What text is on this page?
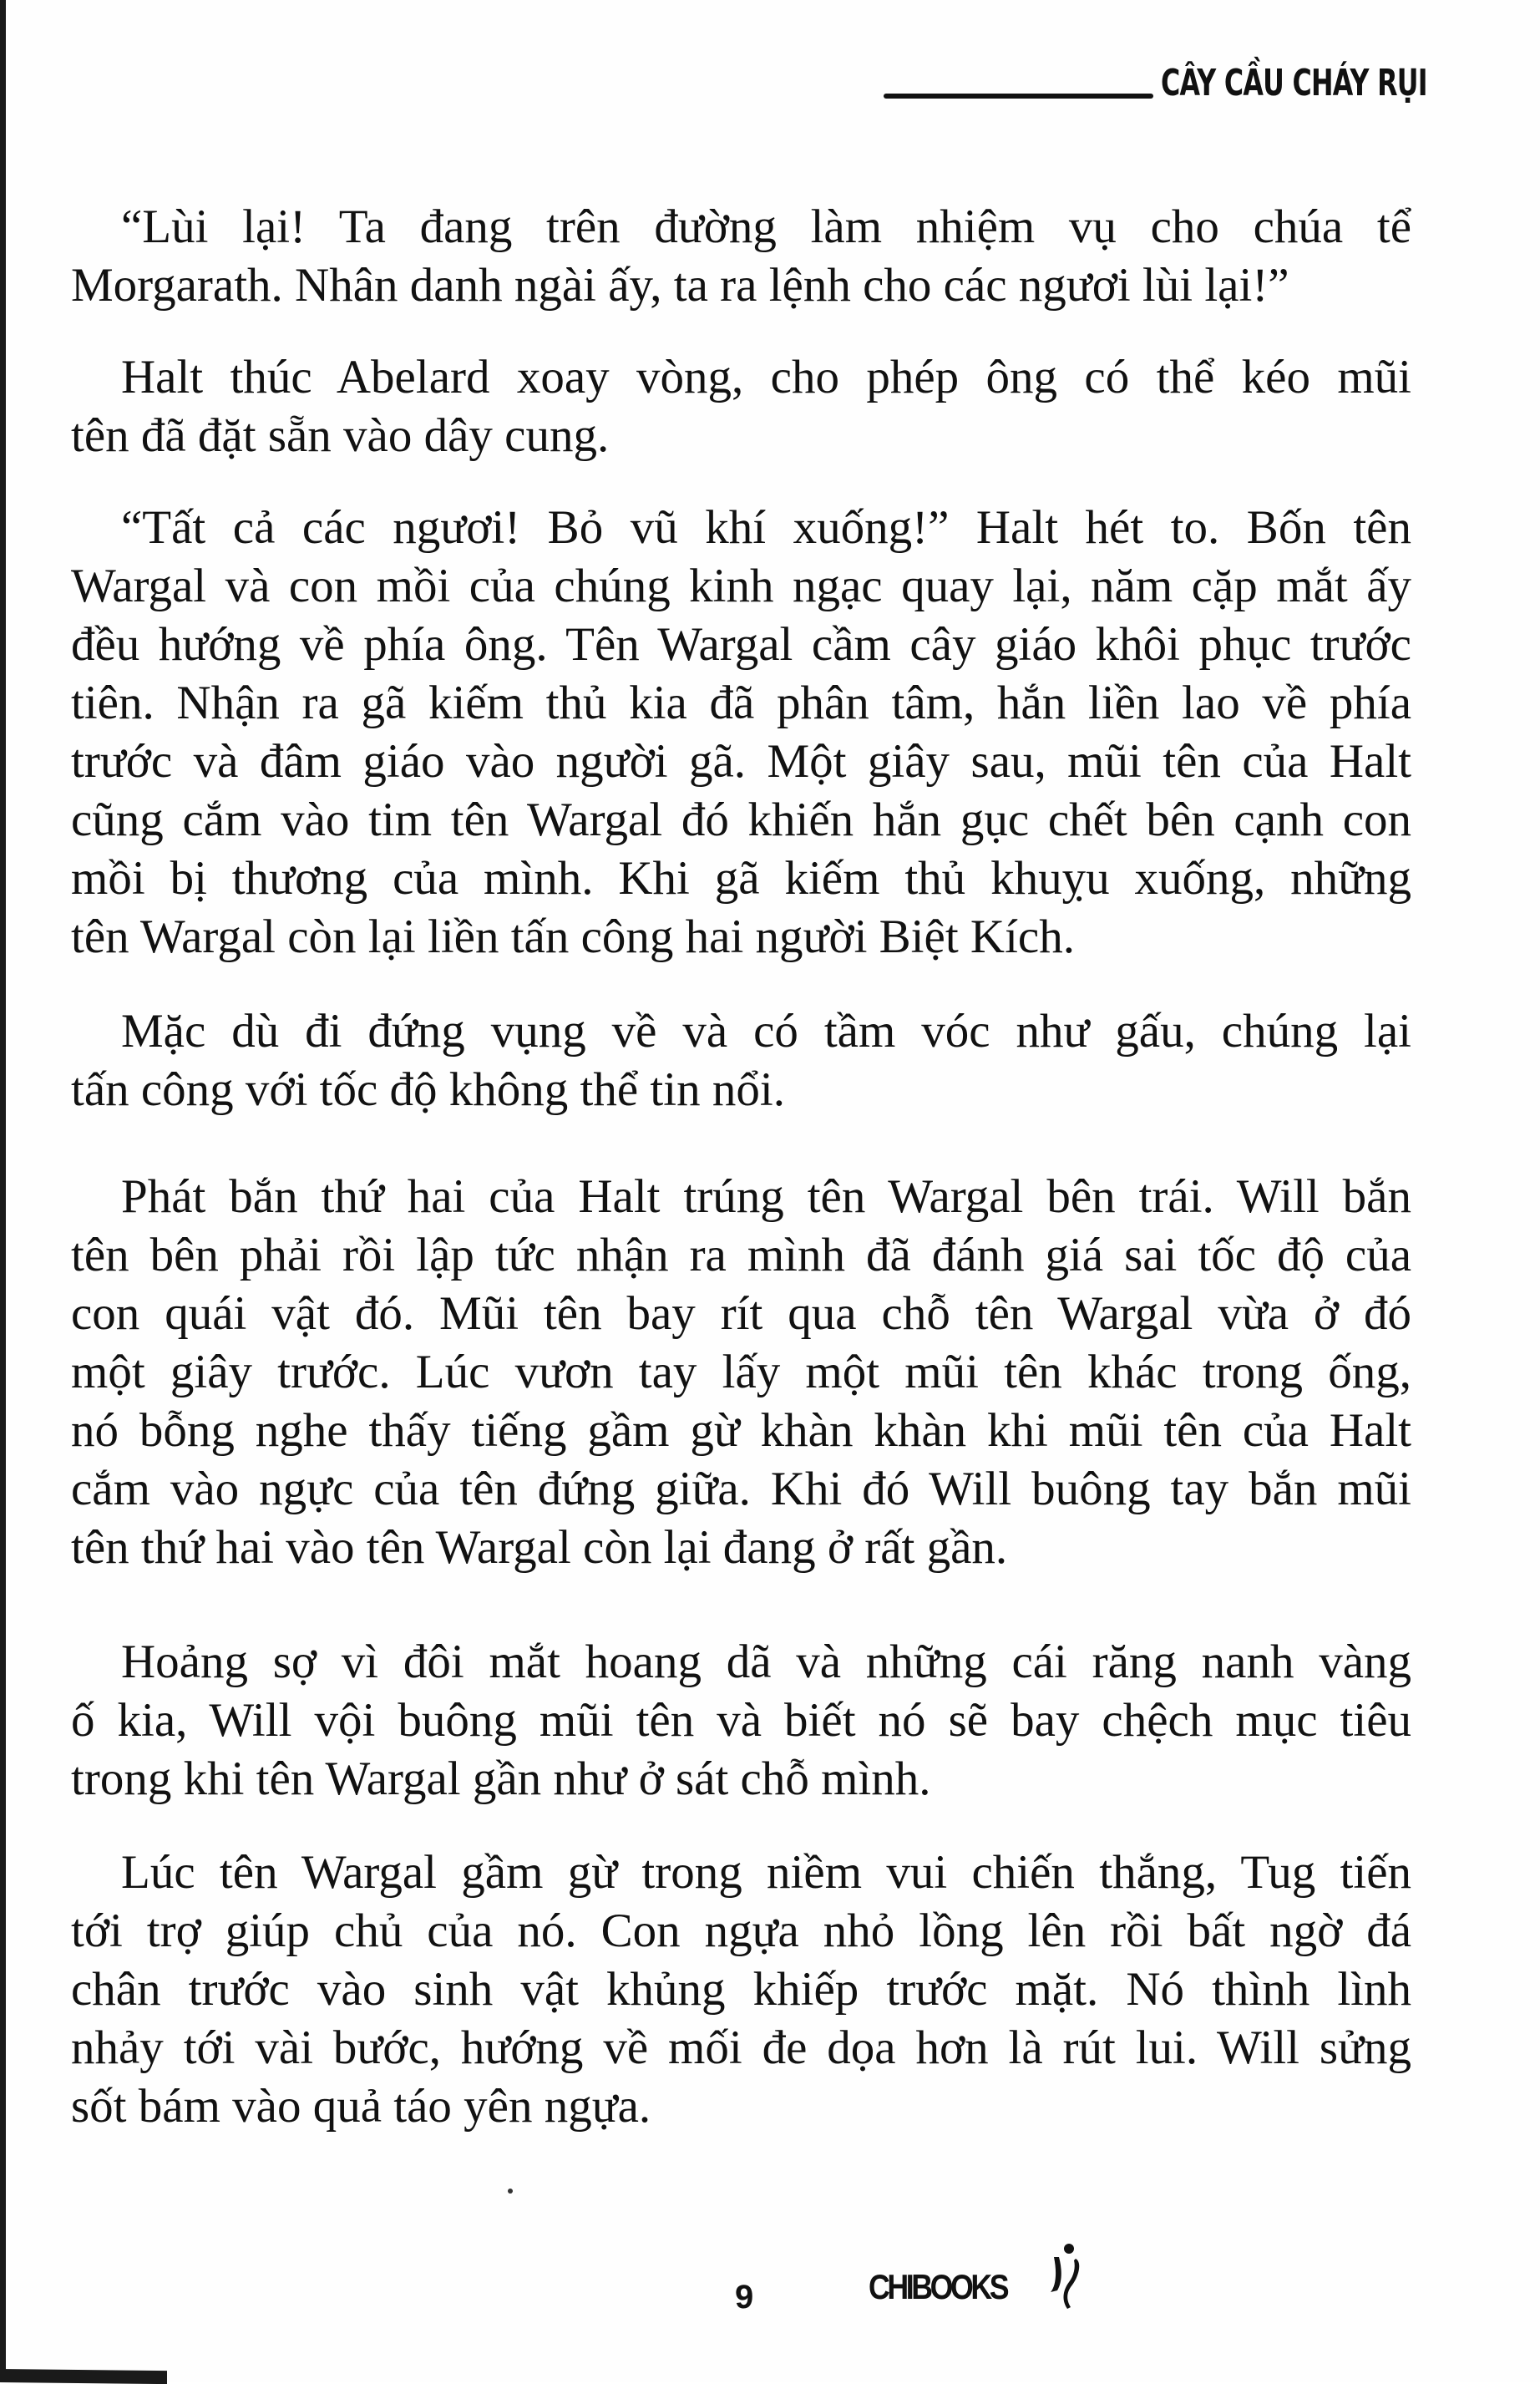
CÂY CẦU CHÁY RỤI
“Lùi lại! Ta đang trên đường làm nhiệm vụ cho chúa tể
Morgarath. Nhân danh ngài ấy, ta ra lệnh cho các ngươi lùi lại!”
Halt thúc Abelard xoay vòng, cho phép ông có thể kéo mũi
tên đã đặt sẵn vào dây cung.
“Tất cả các ngươi! Bỏ vũ khí xuống!” Halt hét to. Bốn tên
Wargal và con mồi của chúng kinh ngạc quay lại, năm cặp mắt ấy
đều hướng về phía ông. Tên Wargal cầm cây giáo khôi phục trước
tiên. Nhận ra gã kiếm thủ kia đã phân tâm, hắn liền lao về phía
trước và đâm giáo vào người gã. Một giây sau, mũi tên của Halt
cũng cắm vào tim tên Wargal đó khiến hắn gục chết bên cạnh con
mồi bị thương của mình. Khi gã kiếm thủ khuỵu xuống, những
tên Wargal còn lại liền tấn công hai người Biệt Kích.
Mặc dù đi đứng vụng về và có tầm vóc như gấu, chúng lại
tấn công với tốc độ không thể tin nổi.
Phát bắn thứ hai của Halt trúng tên Wargal bên trái. Will bắn
tên bên phải rồi lập tức nhận ra mình đã đánh giá sai tốc độ của
con quái vật đó. Mũi tên bay rít qua chỗ tên Wargal vừa ở đó
một giây trước. Lúc vươn tay lấy một mũi tên khác trong ống,
nó bỗng nghe thấy tiếng gầm gừ khàn khàn khi mũi tên của Halt
cắm vào ngực của tên đứng giữa. Khi đó Will buông tay bắn mũi
tên thứ hai vào tên Wargal còn lại đang ở rất gần.
Hoảng sợ vì đôi mắt hoang dã và những cái răng nanh vàng
ố kia, Will vội buông mũi tên và biết nó sẽ bay chệch mục tiêu
trong khi tên Wargal gần như ở sát chỗ mình.
Lúc tên Wargal gầm gừ trong niềm vui chiến thắng, Tug tiến
tới trợ giúp chủ của nó. Con ngựa nhỏ lồng lên rồi bất ngờ đá
chân trước vào sinh vật khủng khiếp trước mặt. Nó thình lình
nhảy tới vài bước, hướng về mối đe dọa hơn là rút lui. Will sửng
sốt bám vào quả táo yên ngựa.
9	CHIBOOKS
